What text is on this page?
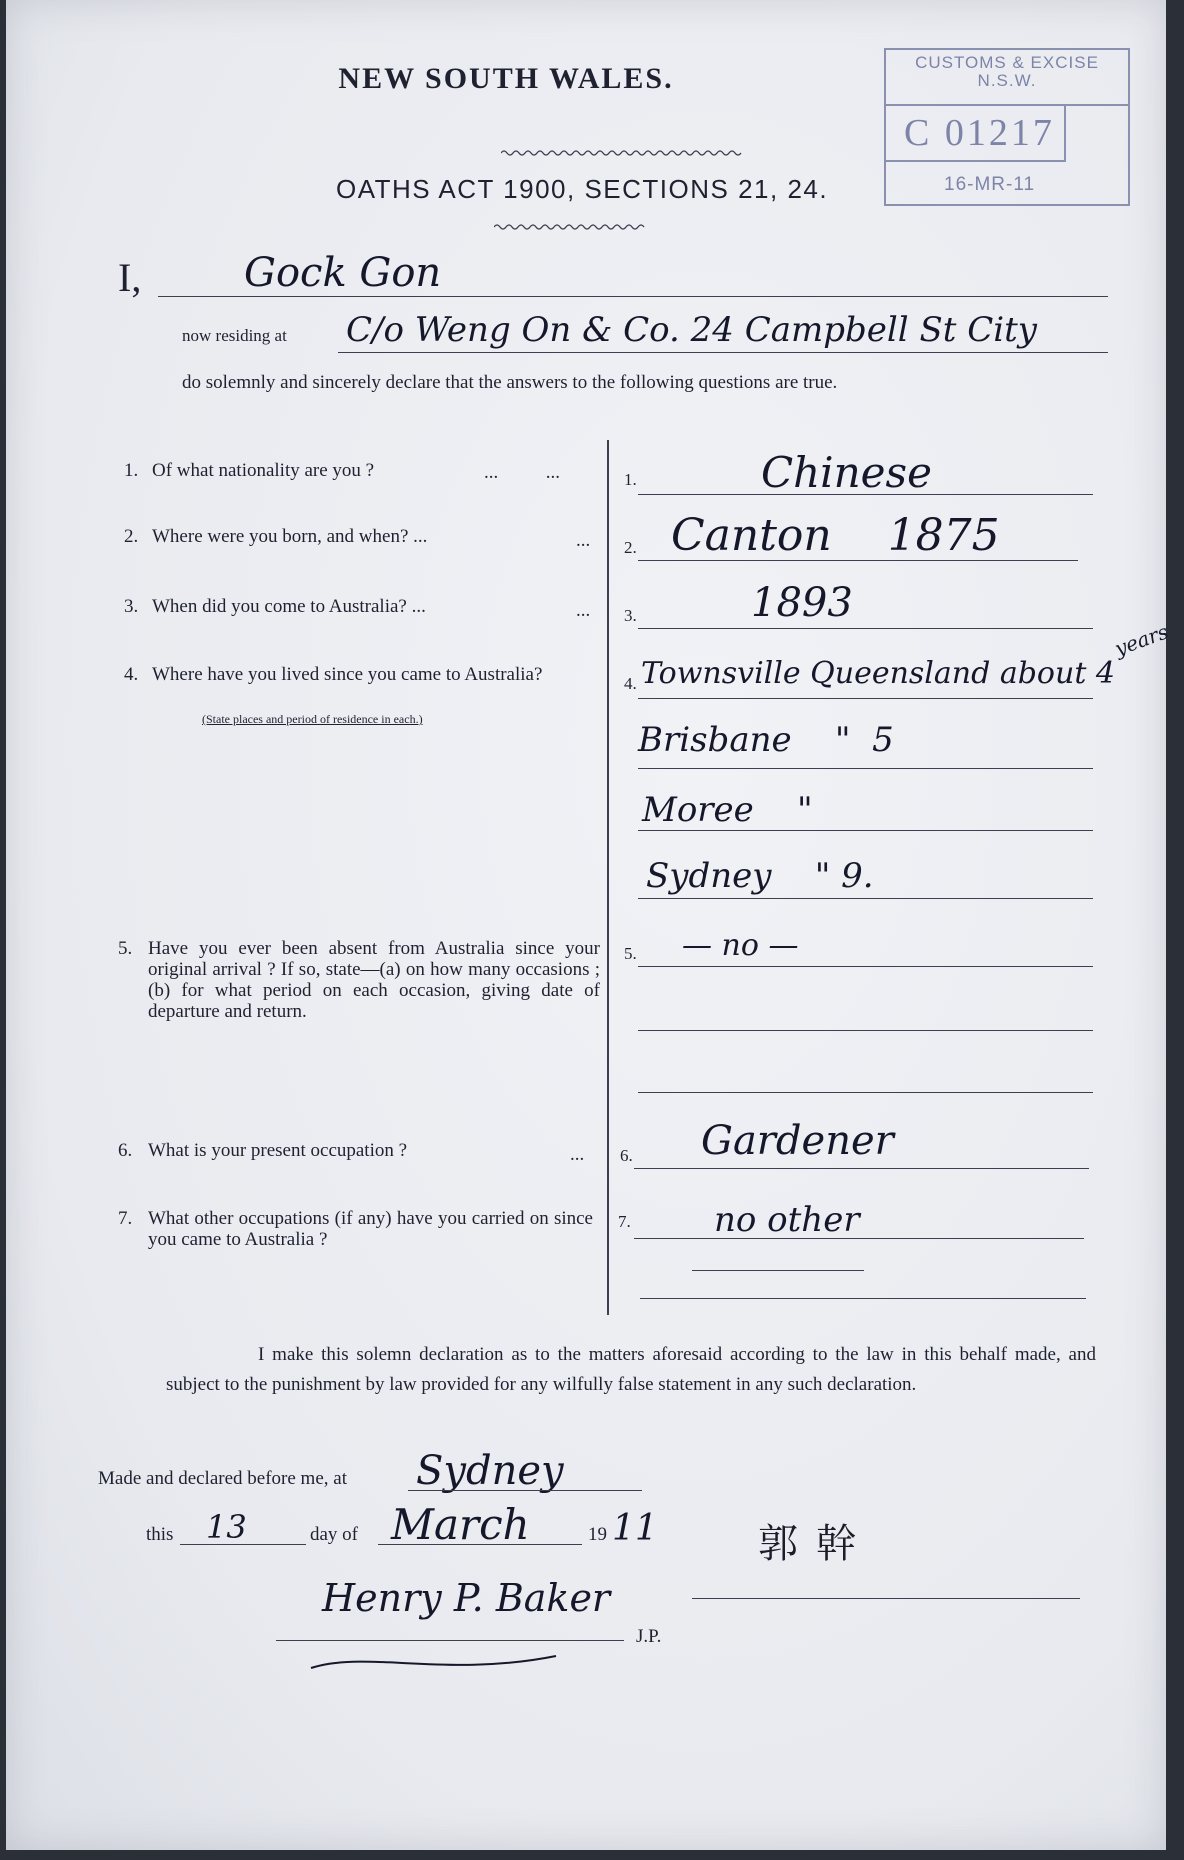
NEW SOUTH WALES.
OATHS ACT 1900, SECTIONS 21, 24.
CUSTOMS & EXCISE
N.S.W.
C 01217
16-MR-11
I,	Gock Gon
now residing at C/o Weng On & Co. 24 Campbell St City
do solemnly and sincerely declare that the answers to the following questions are true.
1. Of what nationality are you ?	...          ...	1.	Chinese
2. Where were you born, and when? ...	... 2. Canton    1875
3. When did you come to Australia? ...	... 3.	1893
4. Where have you lived since you came to Australia?
(State places and period of residence in each.)
4. Townsville Queensland about 4
years
Brisbane    "  5
Moree    "
Sydney    " 9.
5. Have you ever been absent from Australia since your original arrival ? If so, state—(a) on how many occasions ; (b) for what period on each occasion, giving date of departure and return.
5. — no —
6. What is your present occupation ?	... 6. Gardener
7. What other occupations (if any) have you carried on since you came to Australia ?
7. no other
I make this solemn declaration as to the matters aforesaid according to the law in this behalf made, and subject to the punishment by law provided for any wilfully false statement in any such declaration.
Made and declared before me, at Sydney
this 13	day of March	19 11	郭幹
Henry P. Baker
J.P.
